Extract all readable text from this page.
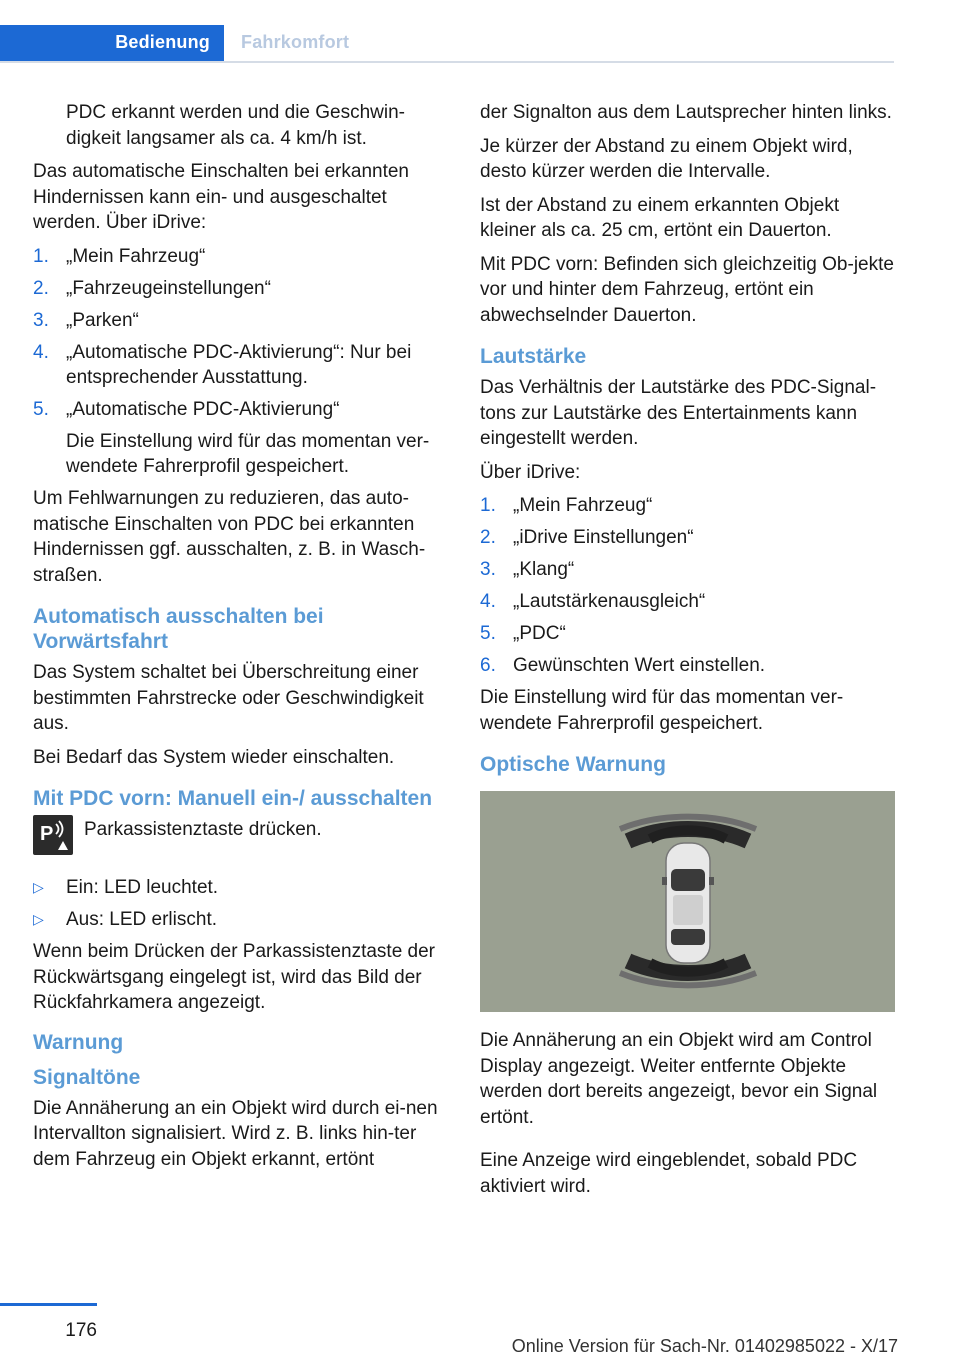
Bedienung	Fahrkomfort

PDC erkannt werden und die Geschwin‐digkeit langsamer als ca. 4 km/h ist.

Das automatische Einschalten bei erkannten Hindernissen kann ein- und ausgeschaltet werden. Über iDrive:

1. „Mein Fahrzeug“
2. „Fahrzeugeinstellungen“
3. „Parken“
4. „Automatische PDC-Aktivierung“: Nur bei entsprechender Ausstattung.
5. „Automatische PDC-Aktivierung“
Die Einstellung wird für das momentan ver‐wendete Fahrerprofil gespeichert.

Um Fehlwarnungen zu reduzieren, das auto‐matische Einschalten von PDC bei erkannten Hindernissen ggf. ausschalten, z. B. in Wasch‐straßen.

Automatisch ausschalten bei Vorwärtsfahrt

Das System schaltet bei Überschreitung einer bestimmten Fahrstrecke oder Geschwindigkeit aus.

Bei Bedarf das System wieder einschalten.

Mit PDC vorn: Manuell ein-/ ausschalten
P Parkassistenztaste drücken.
▷ Ein: LED leuchtet.
▷ Aus: LED erlischt.

Wenn beim Drücken der Parkassistenztaste der Rückwärtsgang eingelegt ist, wird das Bild der Rückfahrkamera angezeigt.

Warnung
Signaltöne

Die Annäherung an ein Objekt wird durch ei‐nen Intervallton signalisiert. Wird z. B. links hin‐ter dem Fahrzeug ein Objekt erkannt, ertönt

der Signalton aus dem Lautsprecher hinten links.

Je kürzer der Abstand zu einem Objekt wird, desto kürzer werden die Intervalle.

Ist der Abstand zu einem erkannten Objekt kleiner als ca. 25 cm, ertönt ein Dauerton.

Mit PDC vorn: Befinden sich gleichzeitig Ob‐jekte vor und hinter dem Fahrzeug, ertönt ein abwechselnder Dauerton.

Lautstärke

Das Verhältnis der Lautstärke des PDC-Signal‐tons zur Lautstärke des Entertainments kann eingestellt werden.

Über iDrive:

1. „Mein Fahrzeug“
2. „iDrive Einstellungen“
3. „Klang“
4. „Lautstärkenausgleich“
5. „PDC“
6. Gewünschten Wert einstellen.

Die Einstellung wird für das momentan ver‐wendete Fahrerprofil gespeichert.

Optische Warnung

Die Annäherung an ein Objekt wird am Control Display angezeigt. Weiter entfernte Objekte werden dort bereits angezeigt, bevor ein Signal ertönt.

Eine Anzeige wird eingeblendet, sobald PDC aktiviert wird.

176
Online Version für Sach-Nr. 01402985022 - X/17
